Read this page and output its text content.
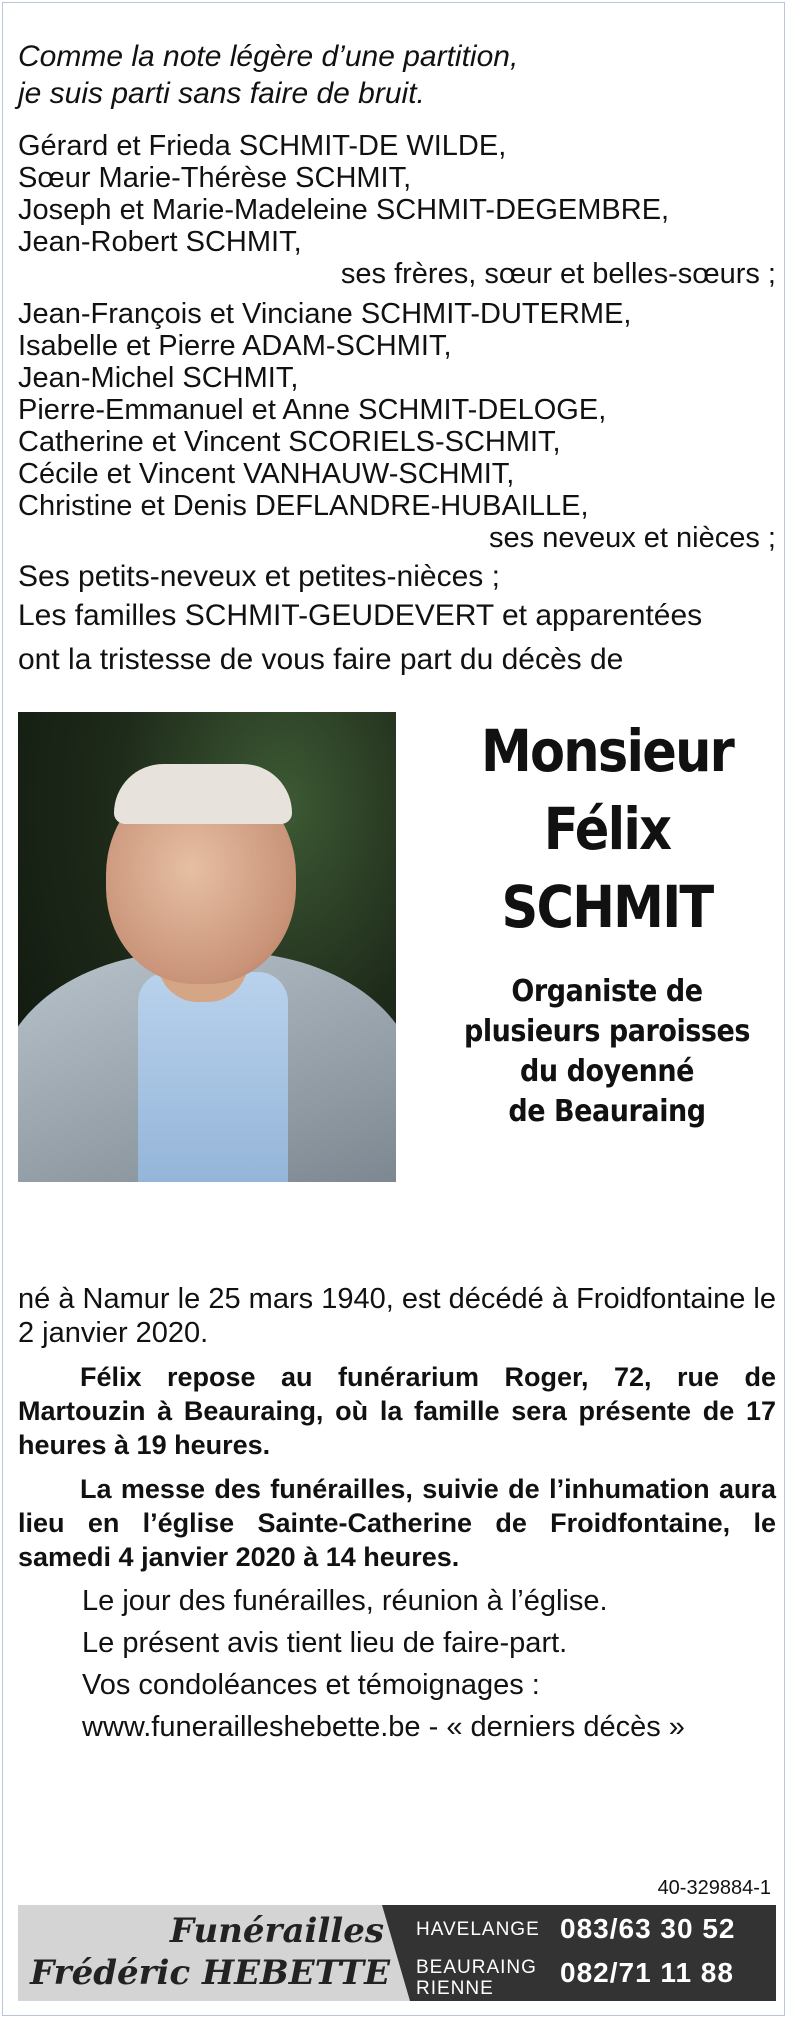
Comme la note légère d’une partition,
je suis parti sans faire de bruit.

Gérard et Frieda SCHMIT-DE WILDE,
Sœur Marie-Thérèse SCHMIT,
Joseph et Marie-Madeleine SCHMIT-DEGEMBRE,
Jean-Robert SCHMIT,
ses frères, sœur et belles-sœurs ;

Jean-François et Vinciane SCHMIT-DUTERME,
Isabelle et Pierre ADAM-SCHMIT,
Jean-Michel SCHMIT,
Pierre-Emmanuel et Anne SCHMIT-DELOGE,
Catherine et Vincent SCORIELS-SCHMIT,
Cécile et Vincent VANHAUW-SCHMIT,
Christine et Denis DEFLANDRE-HUBAILLE,
ses neveux et nièces ;

Ses petits-neveux et petites-nièces ;

Les familles SCHMIT-GEUDEVERT et apparentées

ont la tristesse de vous faire part du décès de

Monsieur

Félix

SCHMIT

Organiste de
plusieurs paroisses
du doyenné
de Beauraing

né à Namur le 25 mars 1940, est décédé à Froidfontaine le 2 janvier 2020.

Félix repose au funérarium Roger, 72, rue de Martouzin à Beauraing, où la famille sera présente de 17 heures à 19 heures.

La messe des funérailles, suivie de l’inhumation aura lieu en l’église Sainte-Catherine de Froidfontaine, le samedi 4 janvier 2020 à 14 heures.

Le jour des funérailles, réunion à l’église.
Le présent avis tient lieu de faire-part.
Vos condoléances et témoignages :
www.funerailleshebette.be - « derniers décès »
40-329884-1
Funérailles
Frédéric HEBETTE
HAVELANGE 083/63 30 52
BEAURAING
RIENNE
082/71 11 88
